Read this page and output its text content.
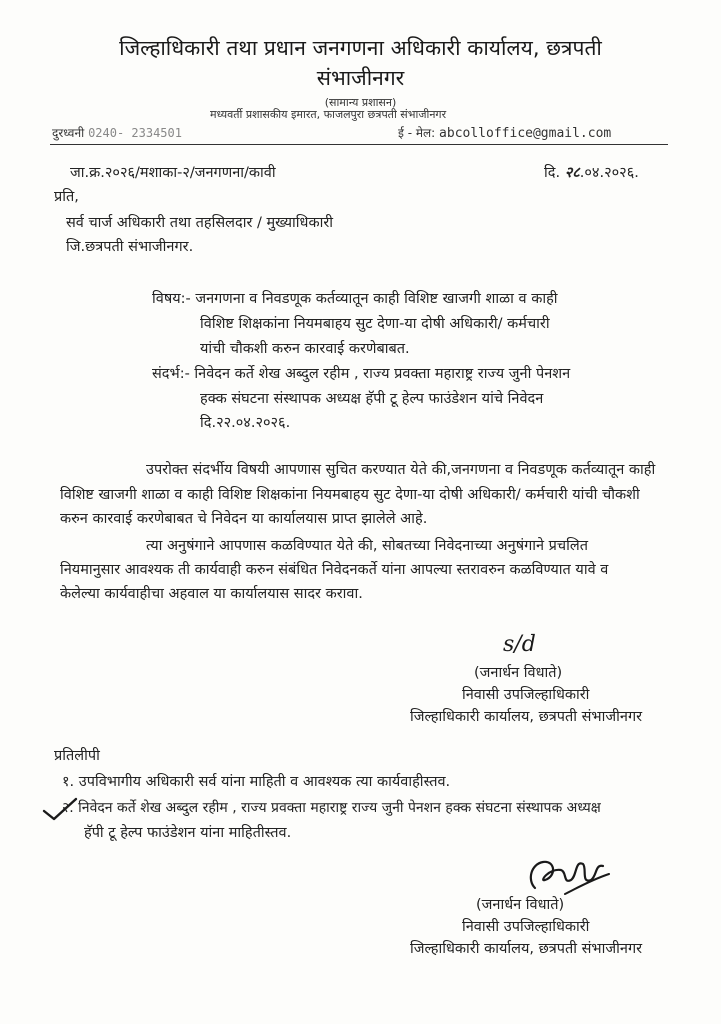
जिल्हाधिकारी तथा प्रधान जनगणना अधिकारी कार्यालय, छत्रपती
संभाजीनगर
(सामान्य प्रशासन)
मध्यवर्ती प्रशासकीय इमारत, फाजलपुरा छत्रपती संभाजीनगर
दुरध्वनी 0240- 2334501	ई - मेल: abcolloffice@gmail.com
जा.क्र.२०२६/मशाका-२/जनगणना/कावी	दि. २८.०४.२०२६.
प्रति,
सर्व चार्ज अधिकारी तथा तहसिलदार / मुख्याधिकारी
जि.छत्रपती संभाजीनगर.
विषय:- जनगणना व निवडणूक कर्तव्यातून काही विशिष्ट खाजगी शाळा व काही
विशिष्ट शिक्षकांना नियमबाहय सुट देणा-या दोषी अधिकारी/ कर्मचारी
यांची चौकशी करुन कारवाई करणेबाबत.
संदर्भ:- निवेदन कर्ते शेख अब्दुल रहीम , राज्य प्रवक्ता महाराष्ट्र राज्य जुनी पेनशन
हक्क संघटना संस्थापक अध्यक्ष हॅपी टू हेल्प फाउंडेशन यांचे निवेदन
दि.२२.०४.२०२६.
उपरोक्त संदर्भीय विषयी आपणास सुचित करण्यात येते की,जनगणना व निवडणूक कर्तव्यातून काही
विशिष्ट खाजगी शाळा व काही विशिष्ट शिक्षकांना नियमबाहय सुट देणा-या दोषी अधिकारी/ कर्मचारी यांची चौकशी
करुन कारवाई करणेबाबत चे निवेदन या कार्यालयास प्राप्त झालेले आहे.
त्या अनुषंगाने आपणास कळविण्यात येते की, सोबतच्या निवेदनाच्या अनुषंगाने प्रचलित
नियमानुसार आवश्यक ती कार्यवाही करुन संबंधित निवेदनकर्ते यांना आपल्या स्तरावरुन कळविण्यात यावे व
केलेल्या कार्यवाहीचा अहवाल या कार्यालयास सादर करावा.
s/d
(जनार्धन विधाते)
निवासी उपजिल्हाधिकारी
जिल्हाधिकारी कार्यालय, छत्रपती संभाजीनगर
प्रतिलीपी
१. उपविभागीय अधिकारी सर्व यांना माहिती व आवश्यक त्या कार्यवाहीस्तव.
२. निवेदन कर्ते शेख अब्दुल रहीम , राज्य प्रवक्ता महाराष्ट्र राज्य जुनी पेनशन हक्क संघटना संस्थापक अध्यक्ष
हॅपी टू हेल्प फाउंडेशन यांना माहितीस्तव.
(जनार्धन विधाते)
निवासी उपजिल्हाधिकारी
जिल्हाधिकारी कार्यालय, छत्रपती संभाजीनगर
